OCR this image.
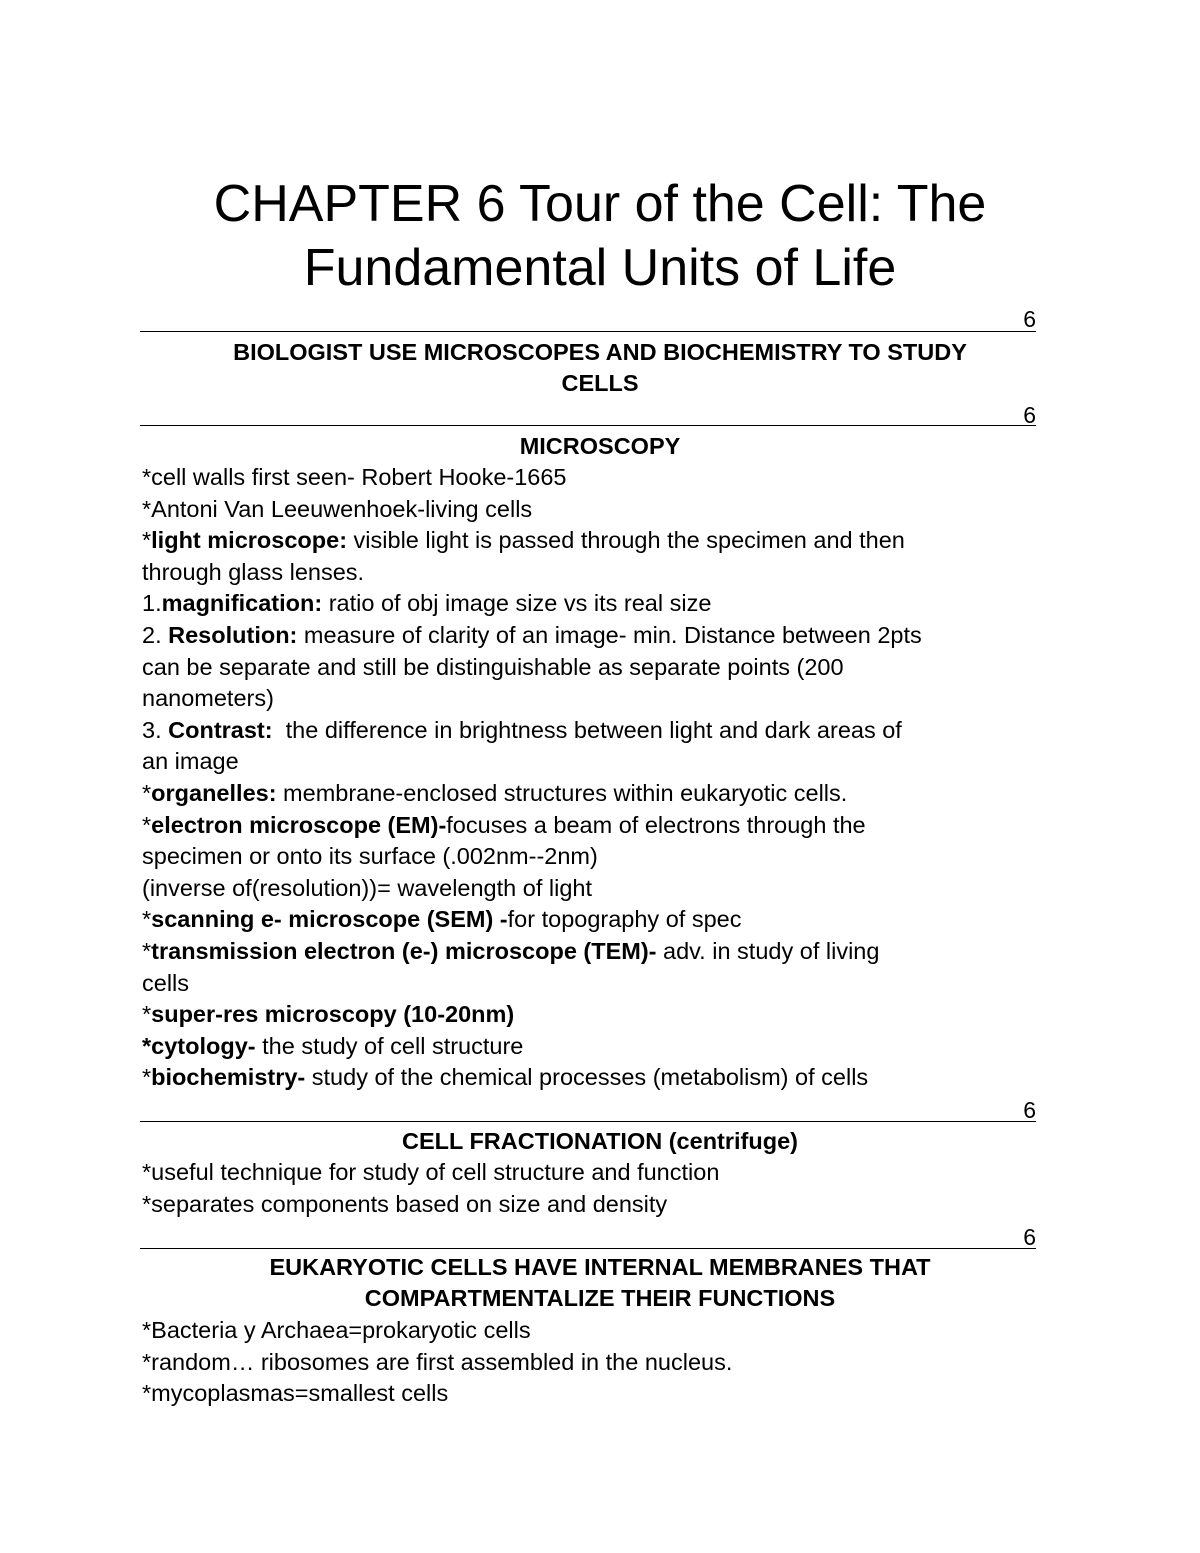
CHAPTER 6 Tour of the Cell: The
Fundamental Units of Life
6
BIOLOGIST USE MICROSCOPES AND BIOCHEMISTRY TO STUDY
CELLS
6
MICROSCOPY
*cell walls first seen- Robert Hooke-1665
*Antoni Van Leeuwenhoek-living cells
*light microscope: visible light is passed through the specimen and then
through glass lenses.
1.magnification: ratio of obj image size vs its real size
2. Resolution: measure of clarity of an image- min. Distance between 2pts
can be separate and still be distinguishable as separate points (200
nanometers)
3. Contrast:  the difference in brightness between light and dark areas of
an image
*organelles: membrane-enclosed structures within eukaryotic cells.
*electron microscope (EM)-focuses a beam of electrons through the
specimen or onto its surface (.002nm--2nm)
(inverse of(resolution))= wavelength of light
*scanning e- microscope (SEM) -for topography of spec
*transmission electron (e-) microscope (TEM)- adv. in study of living
cells
*super-res microscopy (10-20nm)
*cytology- the study of cell structure
*biochemistry- study of the chemical processes (metabolism) of cells
6
CELL FRACTIONATION (centrifuge)
*useful technique for study of cell structure and function
*separates components based on size and density
6
EUKARYOTIC CELLS HAVE INTERNAL MEMBRANES THAT
COMPARTMENTALIZE THEIR FUNCTIONS
*Bacteria y Archaea=prokaryotic cells
*random… ribosomes are first assembled in the nucleus.
*mycoplasmas=smallest cells
